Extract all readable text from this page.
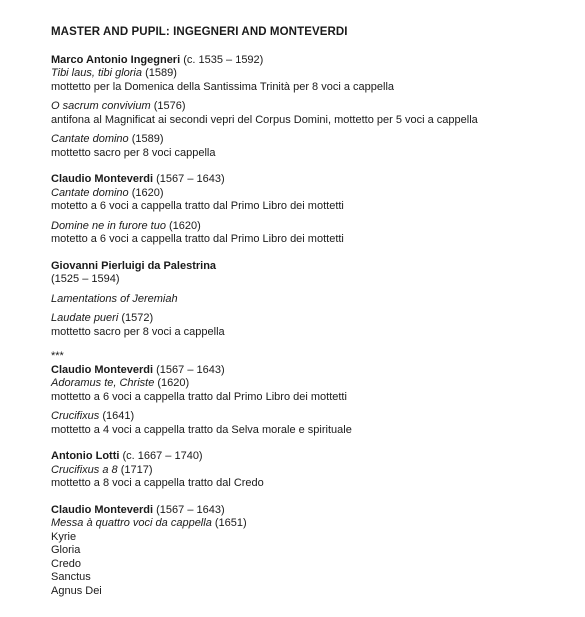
MASTER AND PUPIL: INGEGNERI AND MONTEVERDI
Marco Antonio Ingegneri (c. 1535 – 1592)
Tibi laus, tibi gloria (1589)
mottetto per la Domenica della Santissima Trinità per 8 voci a cappella
O sacrum convivium (1576)
antifona al Magnificat ai secondi vepri del Corpus Domini, mottetto per 5 voci a cappella
Cantate domino (1589)
mottetto sacro per 8 voci cappella
Claudio Monteverdi (1567 – 1643)
Cantate domino (1620)
motetto a 6 voci a cappella tratto dal Primo Libro dei mottetti
Domine ne in furore tuo (1620)
motetto a 6 voci a cappella tratto dal Primo Libro dei mottetti
Giovanni Pierluigi da Palestrina
(1525 – 1594)
Lamentations of Jeremiah
Laudate pueri (1572)
mottetto sacro per 8 voci a cappella
***
Claudio Monteverdi (1567 – 1643)
Adoramus te, Christe (1620)
mottetto a 6 voci a cappella tratto dal Primo Libro dei mottetti
Crucifixus (1641)
mottetto a 4 voci a cappella tratto da Selva morale e spirituale
Antonio Lotti (c. 1667 – 1740)
Crucifixus a 8 (1717)
mottetto a 8 voci a cappella tratto dal Credo
Claudio Monteverdi (1567 – 1643)
Messa à quattro voci da cappella (1651)
Kyrie
Gloria
Credo
Sanctus
Agnus Dei
